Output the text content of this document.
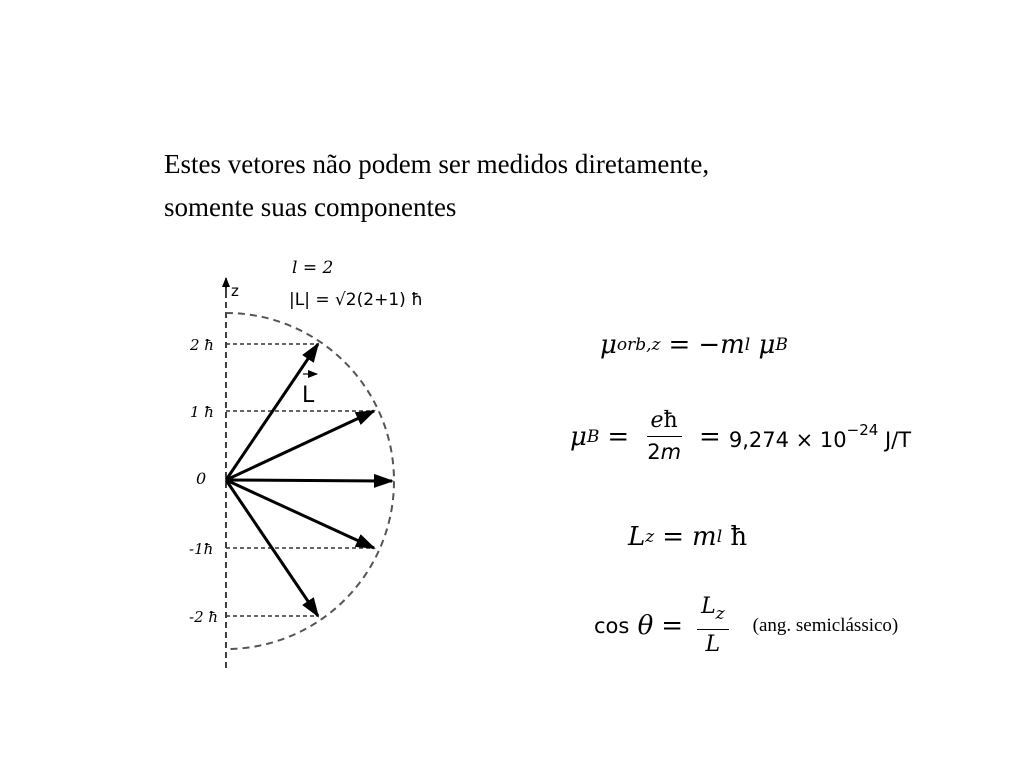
Estes vetores não podem ser medidos diretamente,
somente suas componentes
l = 2
|L| = √2(2+1) ħ
z
2 ħ
1 ħ
0
-1ħ
-2 ħ
L
μ orb,z = − m l
μ B
μ $B = \frac{eħ}{2m} = 9,274 \times 10^{-24}$ J/T
L z = m l ħ
cos
$\theta = \frac{L_z}{L} (ang$. semiclássico)
